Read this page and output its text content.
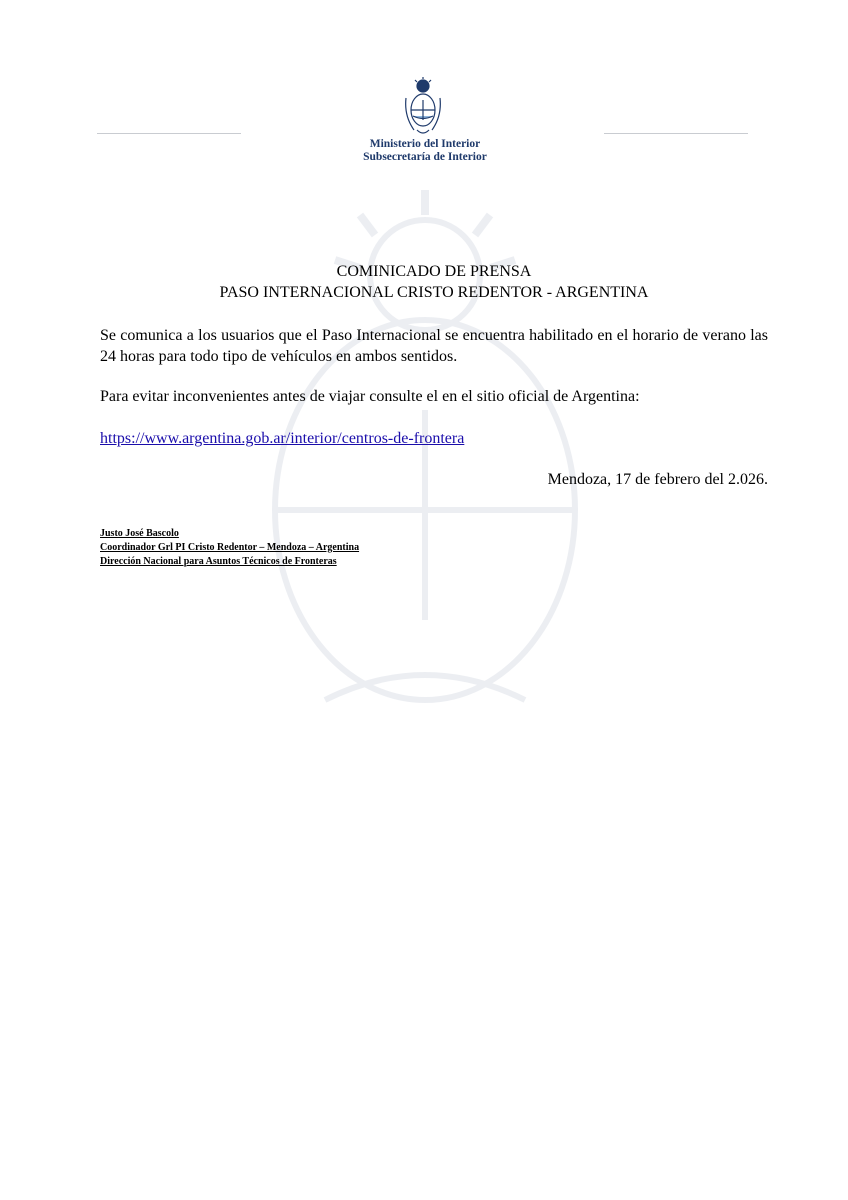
Ministerio del Interior
Subsecretaría de Interior
COMINICADO DE PRENSA
PASO INTERNACIONAL CRISTO REDENTOR - ARGENTINA

Se comunica a los usuarios que el Paso Internacional se encuentra habilitado en el horario de verano las 24 horas para todo tipo de vehículos en ambos sentidos.

Para evitar inconvenientes antes de viajar consulte el en el sitio oficial de Argentina:

https://www.argentina.gob.ar/interior/centros-de-frontera
Mendoza, 17 de febrero del 2.026.
Justo José Bascolo
Coordinador Grl PI Cristo Redentor – Mendoza – Argentina
Dirección Nacional para Asuntos Técnicos de Fronteras
